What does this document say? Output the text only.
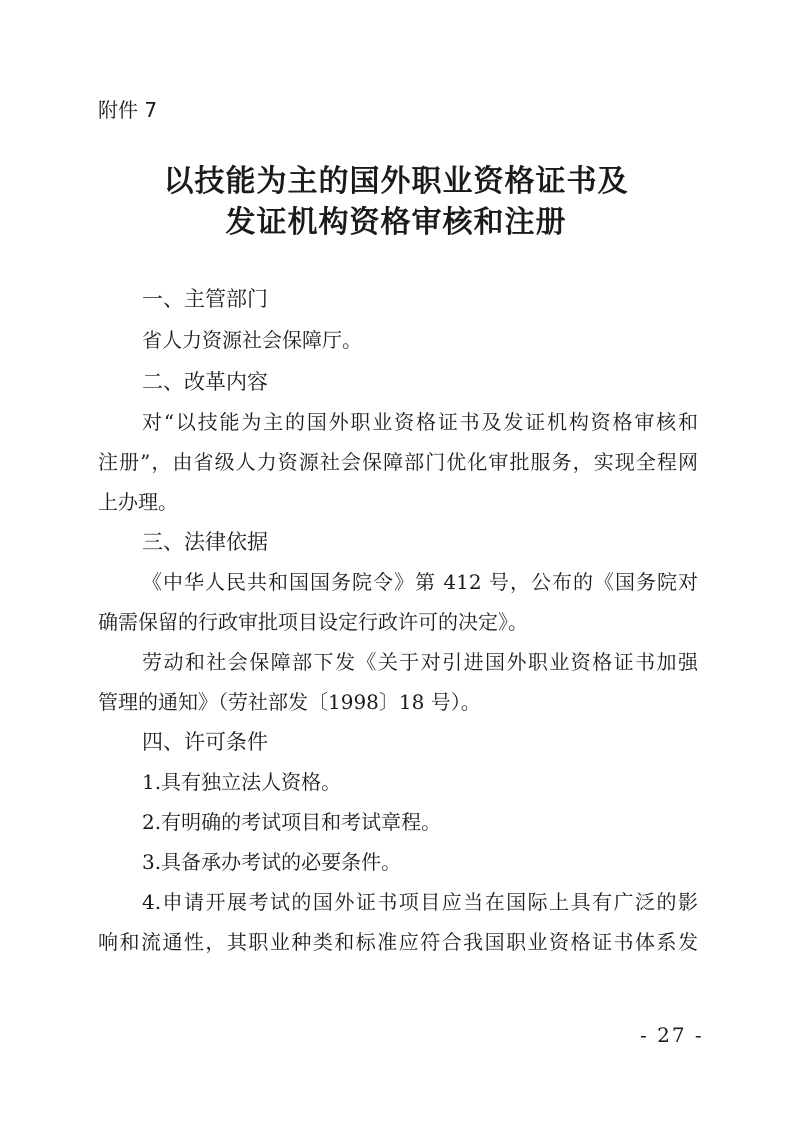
附件 7
以技能为主的国外职业资格证书及
发证机构资格审核和注册
一、主管部门
省人力资源社会保障厅。
二、改革内容
对“以技能为主的国外职业资格证书及发证机构资格审核和
注册”，由省级人力资源社会保障部门优化审批服务，实现全程网
上办理。
三、法律依据
《中华人民共和国国务院令》第 412 号，公布的《国务院对
确需保留的行政审批项目设定行政许可的决定》。
劳动和社会保障部下发《关于对引进国外职业资格证书加强
管理的通知》（劳社部发〔1998〕18 号）。
四、许可条件
1.具有独立法人资格。
2.有明确的考试项目和考试章程。
3.具备承办考试的必要条件。
4.申请开展考试的国外证书项目应当在国际上具有广泛的影
响和流通性，其职业种类和标准应符合我国职业资格证书体系发
- 27 -
